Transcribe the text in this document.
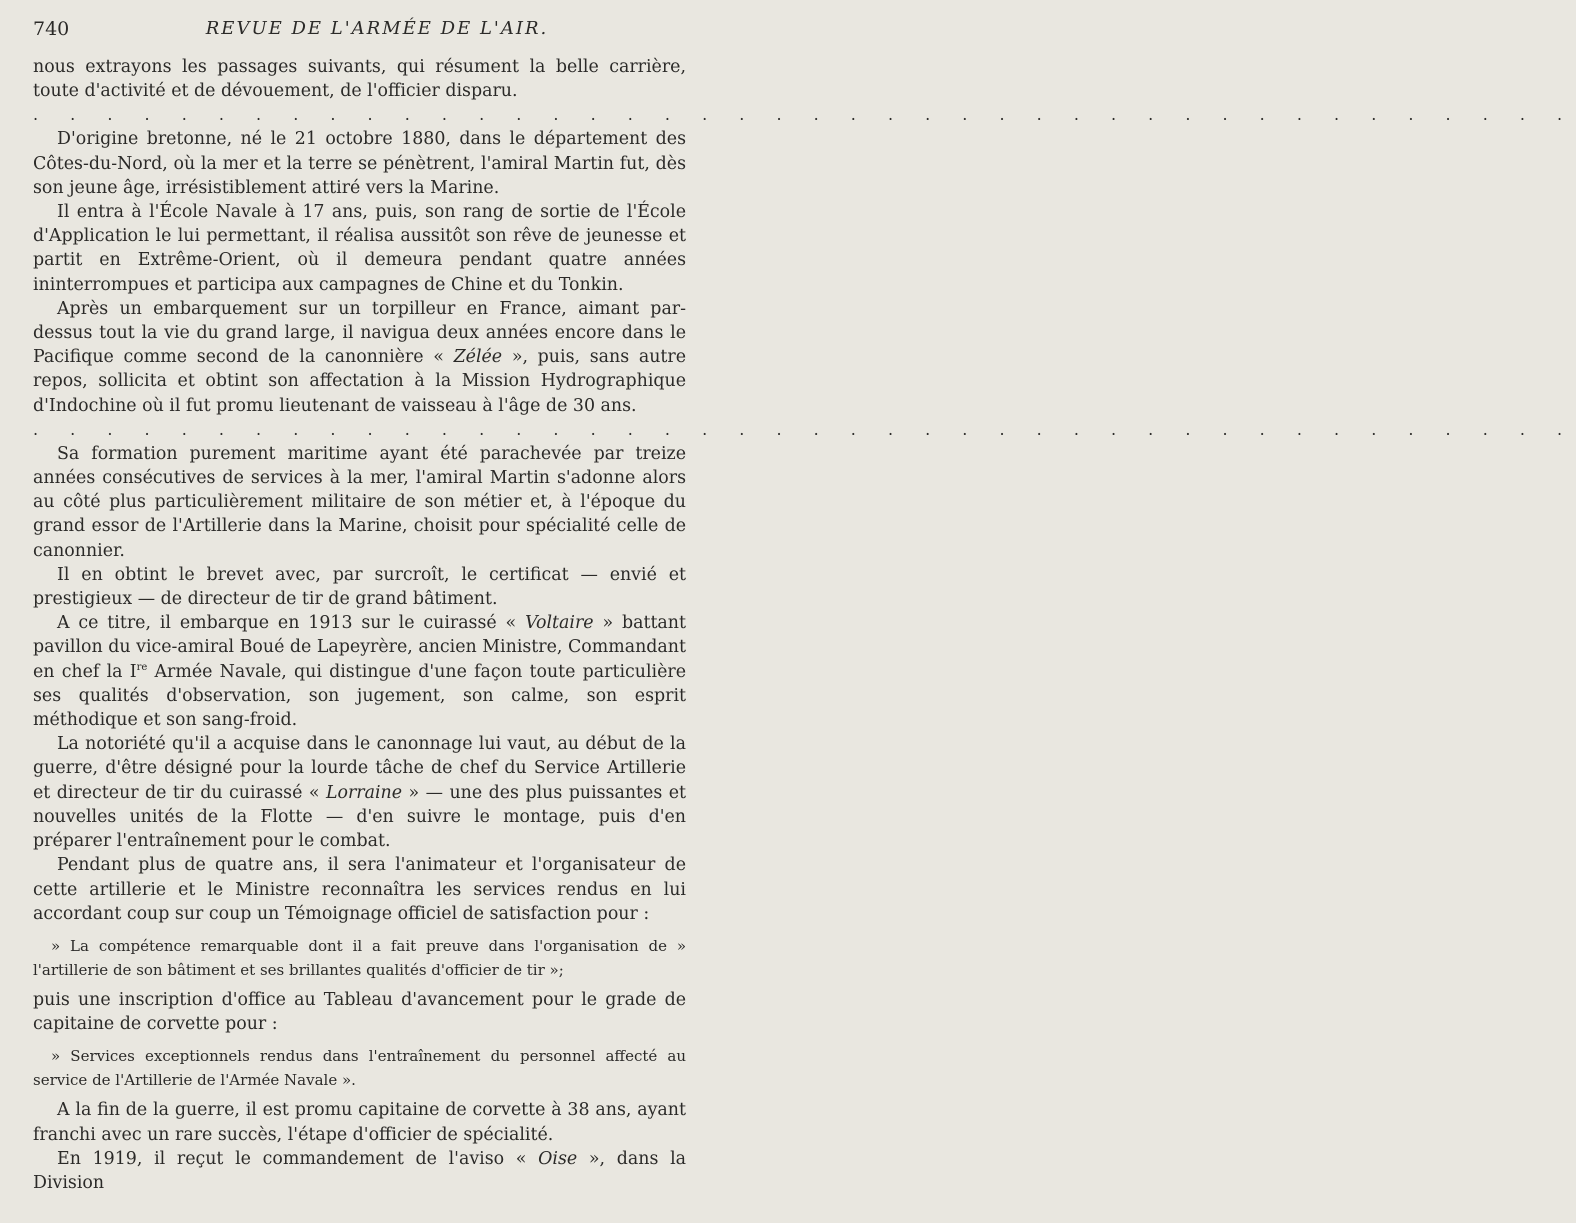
740	REVUE DE L'ARMÉE DE L'AIR.

nous extrayons les passages suivants, qui résument la belle carrière, toute d'activité et de dévouement, de l'officier disparu.

. . . . . . . . . . . . . . . . . . . . . . . . . . . . . . . . . . . . . . . . . .

D'origine bretonne, né le 21 octobre 1880, dans le département des Côtes-du-Nord, où la mer et la terre se pénètrent, l'amiral Martin fut, dès son jeune âge, irrésistiblement attiré vers la Marine.

Il entra à l'École Navale à 17 ans, puis, son rang de sortie de l'École d'Application le lui permettant, il réalisa aussitôt son rêve de jeunesse et partit en Extrême-Orient, où il demeura pendant quatre années ininterrompues et participa aux campagnes de Chine et du Tonkin.

Après un embarquement sur un torpilleur en France, aimant par-dessus tout la vie du grand large, il navigua deux années encore dans le Pacifique comme second de la canonnière « Zélée », puis, sans autre repos, sollicita et obtint son affectation à la Mission Hydrographique d'Indochine où il fut promu lieutenant de vaisseau à l'âge de 30 ans.

. . . . . . . . . . . . . . . . . . . . . . . . . . . . . . . . . . . . . . . . . .

Sa formation purement maritime ayant été parachevée par treize années consécutives de services à la mer, l'amiral Martin s'adonne alors au côté plus particulièrement militaire de son métier et, à l'époque du grand essor de l'Artillerie dans la Marine, choisit pour spécialité celle de canonnier.

Il en obtint le brevet avec, par surcroît, le certificat — envié et prestigieux — de directeur de tir de grand bâtiment.

A ce titre, il embarque en 1913 sur le cuirassé « Voltaire » battant pavillon du vice-amiral Boué de Lapeyrère, ancien Ministre, Commandant en chef la Ire Armée Navale, qui distingue d'une façon toute particulière ses qualités d'observation, son jugement, son calme, son esprit méthodique et son sang-froid.

La notoriété qu'il a acquise dans le canonnage lui vaut, au début de la guerre, d'être désigné pour la lourde tâche de chef du Service Artillerie et directeur de tir du cuirassé « Lorraine » — une des plus puissantes et nouvelles unités de la Flotte — d'en suivre le montage, puis d'en préparer l'entraînement pour le combat.

Pendant plus de quatre ans, il sera l'animateur et l'organisateur de cette artillerie et le Ministre reconnaîtra les services rendus en lui accordant coup sur coup un Témoignage officiel de satisfaction pour :

» La compétence remarquable dont il a fait preuve dans l'organisation de » l'artillerie de son bâtiment et ses brillantes qualités d'officier de tir »;

puis une inscription d'office au Tableau d'avancement pour le grade de capitaine de corvette pour :

» Services exceptionnels rendus dans l'entraînement du personnel affecté au service de l'Artillerie de l'Armée Navale ».

A la fin de la guerre, il est promu capitaine de corvette à 38 ans, ayant franchi avec un rare succès, l'étape d'officier de spécialité.

En 1919, il reçut le commandement de l'aviso « Oise », dans la Division
